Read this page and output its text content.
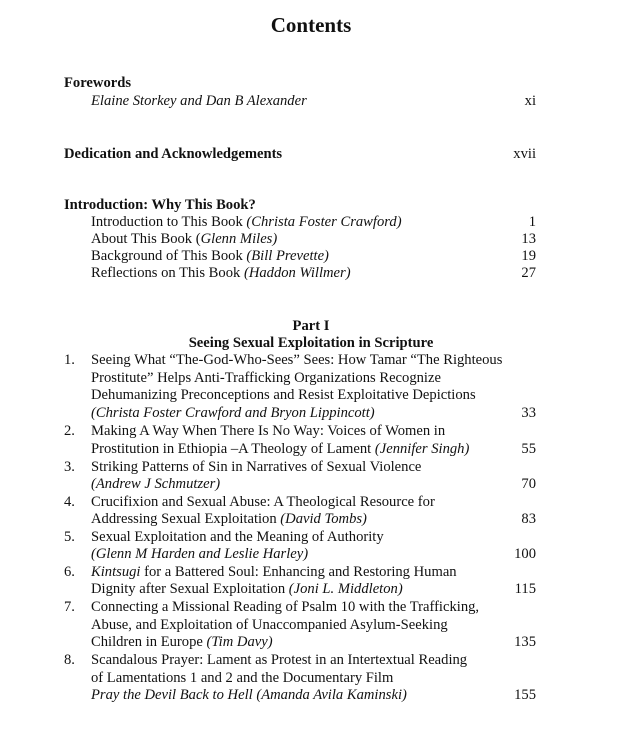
Contents
Forewords
Elaine Storkey and Dan B Alexander	xi
Dedication and Acknowledgements	xvii
Introduction: Why This Book?
Introduction to This Book (Christa Foster Crawford)	1
About This Book (Glenn Miles)	13
Background of This Book (Bill Prevette)	19
Reflections on This Book (Haddon Willmer)	27
Part I
Seeing Sexual Exploitation in Scripture
1. Seeing What “The-God-Who-Sees” Sees: How Tamar “The Righteous
Prostitute” Helps Anti-Trafficking Organizations Recognize
Dehumanizing Preconceptions and Resist Exploitative Depictions
(Christa Foster Crawford and Bryon Lippincott)	33
2. Making A Way When There Is No Way: Voices of Women in
Prostitution in Ethiopia –A Theology of Lament (Jennifer Singh)	55
3. Striking Patterns of Sin in Narratives of Sexual Violence
(Andrew J Schmutzer)	70
4. Crucifixion and Sexual Abuse: A Theological Resource for
Addressing Sexual Exploitation (David Tombs)	83
5. Sexual Exploitation and the Meaning of Authority
(Glenn M Harden and Leslie Harley)	100
6. Kintsugi for a Battered Soul: Enhancing and Restoring Human
Dignity after Sexual Exploitation (Joni L. Middleton)	115
7. Connecting a Missional Reading of Psalm 10 with the Trafficking,
Abuse, and Exploitation of Unaccompanied Asylum-Seeking
Children in Europe (Tim Davy)	135
8. Scandalous Prayer: Lament as Protest in an Intertextual Reading
of Lamentations 1 and 2 and the Documentary Film
Pray the Devil Back to Hell (Amanda Avila Kaminski)	155
